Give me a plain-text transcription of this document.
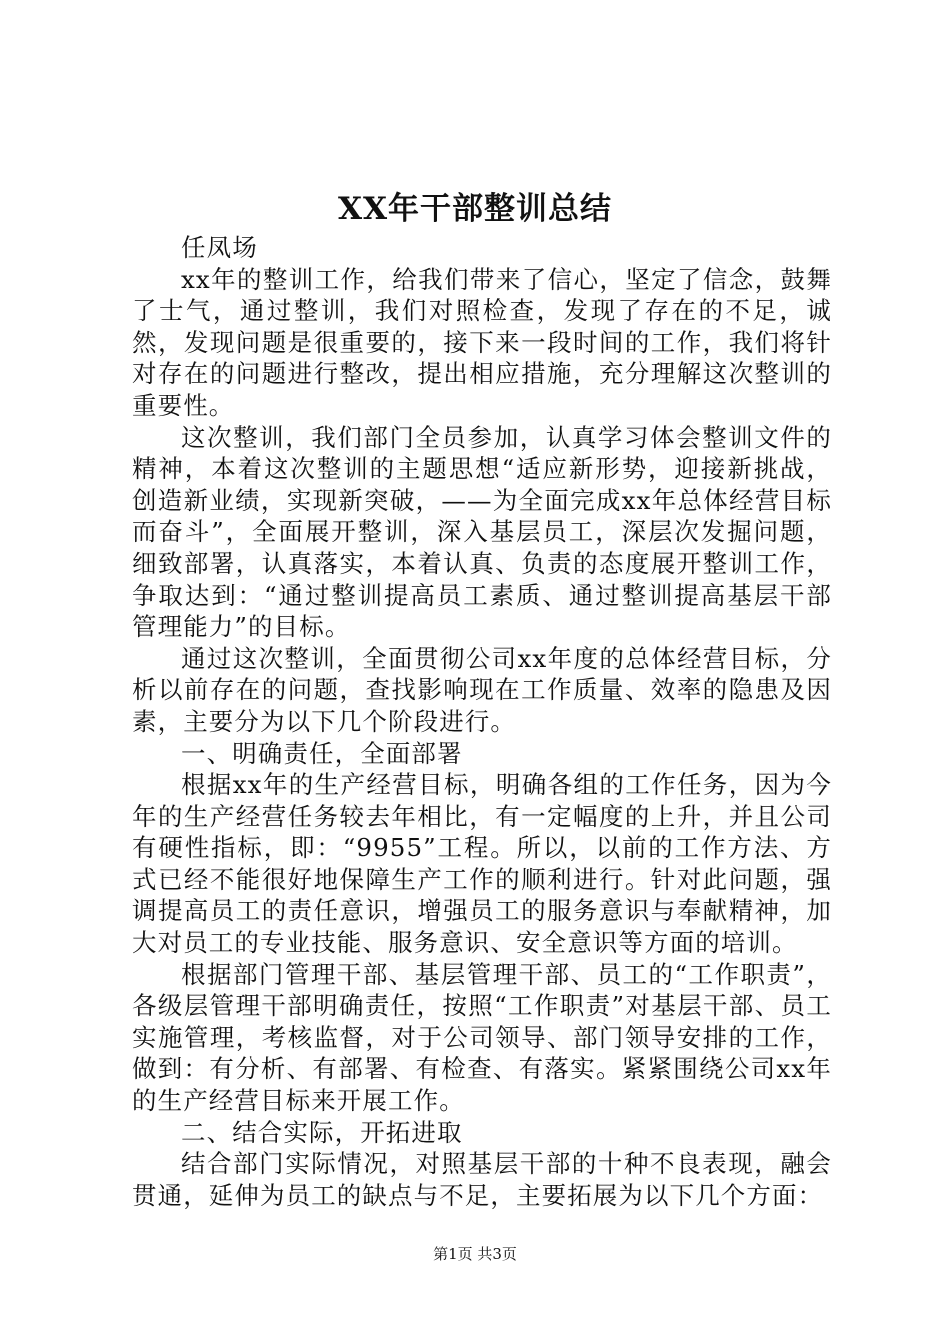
XX年干部整训总结

任凤场

xx年的整训工作，给我们带来了信心，坚定了信念，鼓舞了士气，通过整训，我们对照检查，发现了存在的不足，诚然，发现问题是很重要的，接下来一段时间的工作，我们将针对存在的问题进行整改，提出相应措施，充分理解这次整训的重要性。

这次整训，我们部门全员参加，认真学习体会整训文件的精神，本着这次整训的主题思想“适应新形势，迎接新挑战，创造新业绩，实现新突破，——为全面完成xx年总体经营目标而奋斗”，全面展开整训，深入基层员工，深层次发掘问题，细致部署，认真落实，本着认真、负责的态度展开整训工作，争取达到：“通过整训提高员工素质、通过整训提高基层干部管理能力”的目标。

通过这次整训，全面贯彻公司xx年度的总体经营目标，分析以前存在的问题，查找影响现在工作质量、效率的隐患及因素，主要分为以下几个阶段进行。

一、明确责任，全面部署

根据xx年的生产经营目标，明确各组的工作任务，因为今年的生产经营任务较去年相比，有一定幅度的上升，并且公司有硬性指标，即：“9955”工程。所以，以前的工作方法、方式已经不能很好地保障生产工作的顺利进行。针对此问题，强调提高员工的责任意识，增强员工的服务意识与奉献精神，加大对员工的专业技能、服务意识、安全意识等方面的培训。

根据部门管理干部、基层管理干部、员工的“工作职责”，各级层管理干部明确责任，按照“工作职责”对基层干部、员工实施管理，考核监督，对于公司领导、部门领导安排的工作，做到：有分析、有部署、有检查、有落实。紧紧围绕公司xx年的生产经营目标来开展工作。

二、结合实际，开拓进取

结合部门实际情况，对照基层干部的十种不良表现，融会贯通，延伸为员工的缺点与不足，主要拓展为以下几个方面：

第1页 共3页
